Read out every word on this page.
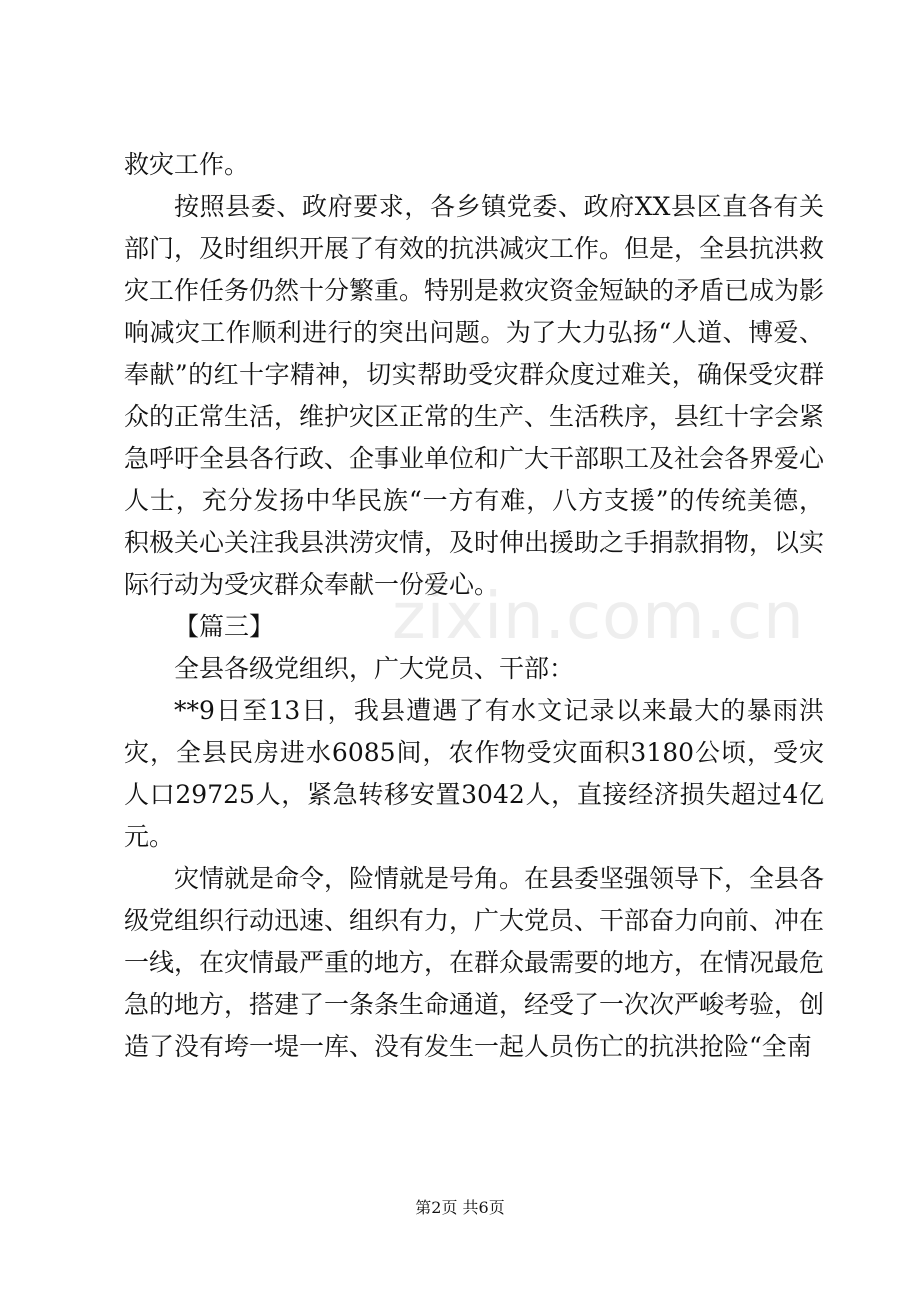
救灾工作。

按照县委、政府要求，各乡镇党委、政府XX县区直各有关部门，及时组织开展了有效的抗洪减灾工作。但是，全县抗洪救灾工作任务仍然十分繁重。特别是救灾资金短缺的矛盾已成为影响减灾工作顺利进行的突出问题。为了大力弘扬“人道、博爱、奉献”的红十字精神，切实帮助受灾群众度过难关，确保受灾群众的正常生活，维护灾区正常的生产、生活秩序，县红十字会紧急呼吁全县各行政、企事业单位和广大干部职工及社会各界爱心人士，充分发扬中华民族“一方有难，八方支援”的传统美德，积极关心关注我县洪涝灾情，及时伸出援助之手捐款捐物，以实际行动为受灾群众奉献一份爱心。

【篇三】

全县各级党组织，广大党员、干部：

**9日至13日，我县遭遇了有水文记录以来最大的暴雨洪灾，全县民房进水6085间，农作物受灾面积3180公顷，受灾人口29725人，紧急转移安置3042人，直接经济损失超过4亿元。

灾情就是命令，险情就是号角。在县委坚强领导下，全县各级党组织行动迅速、组织有力，广大党员、干部奋力向前、冲在一线，在灾情最严重的地方，在群众最需要的地方，在情况最危急的地方，搭建了一条条生命通道，经受了一次次严峻考验，创造了没有垮一堤一库、没有发生一起人员伤亡的抗洪抢险“全南

zixin.com.cn
第2页 共6页
